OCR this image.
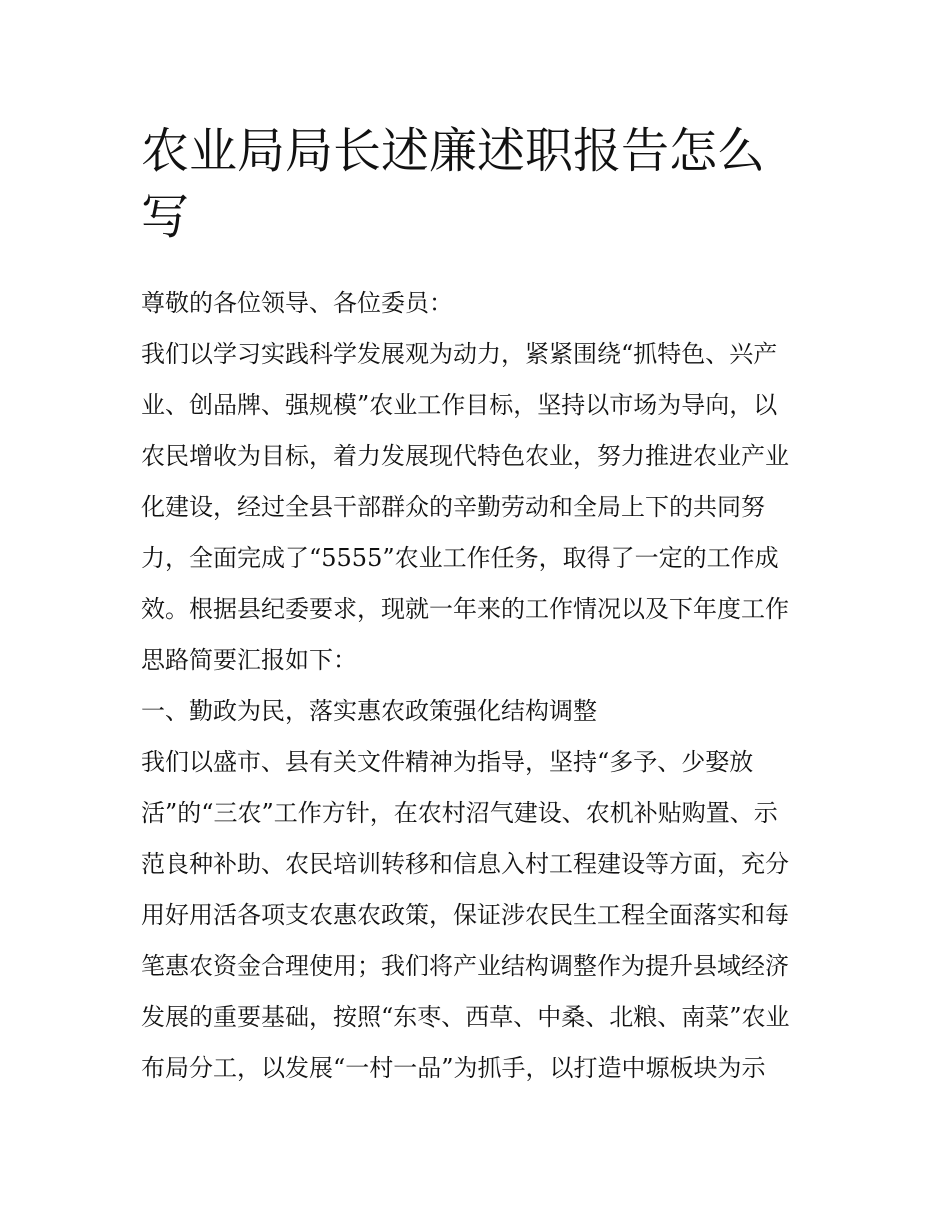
农业局局长述廉述职报告怎么
写
尊敬的各位领导、各位委员：
我们以学习实践科学发展观为动力，紧紧围绕“抓特色、兴产
业、创品牌、强规模”农业工作目标，坚持以市场为导向，以
农民增收为目标，着力发展现代特色农业，努力推进农业产业
化建设，经过全县干部群众的辛勤劳动和全局上下的共同努
力，全面完成了“5555”农业工作任务，取得了一定的工作成
效。根据县纪委要求，现就一年来的工作情况以及下年度工作
思路简要汇报如下：
一、勤政为民，落实惠农政策强化结构调整
我们以盛市、县有关文件精神为指导，坚持“多予、少娶放
活”的“三农”工作方针，在农村沼气建设、农机补贴购置、示
范良种补助、农民培训转移和信息入村工程建设等方面，充分
用好用活各项支农惠农政策，保证涉农民生工程全面落实和每
笔惠农资金合理使用；我们将产业结构调整作为提升县域经济
发展的重要基础，按照“东枣、西草、中桑、北粮、南菜”农业
布局分工，以发展“一村一品”为抓手，以打造中塬板块为示
